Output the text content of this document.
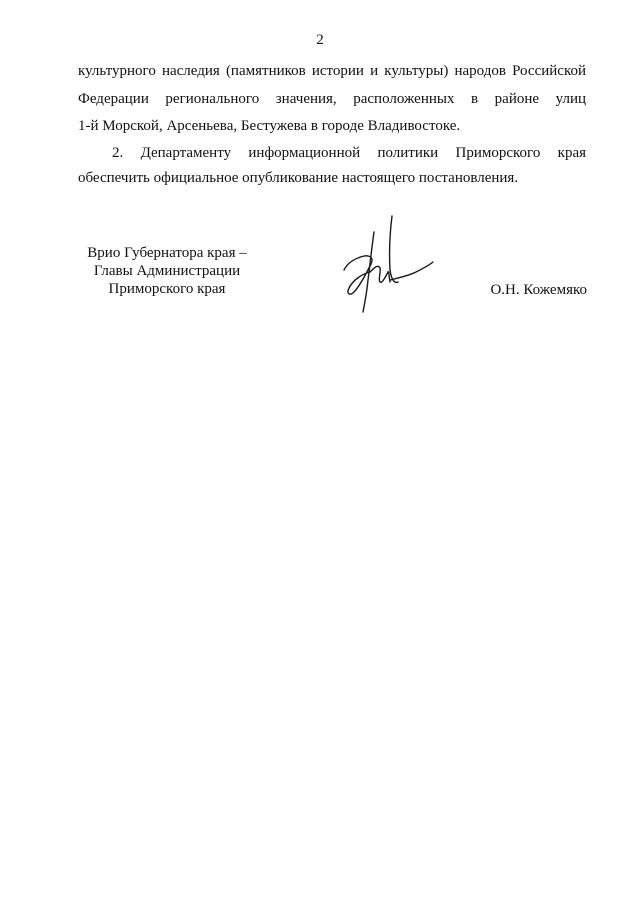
2
культурного наследия (памятников истории и культуры) народов Российской
Федерации регионального значения, расположенных в районе улиц
1-й Морской, Арсеньева, Бестужева в городе Владивостоке.
2. Департаменту информационной политики Приморского края
обеспечить официальное опубликование настоящего постановления.
Врио Губернатора края –
Главы Администрации
Приморского края	О.Н. Кожемяко
